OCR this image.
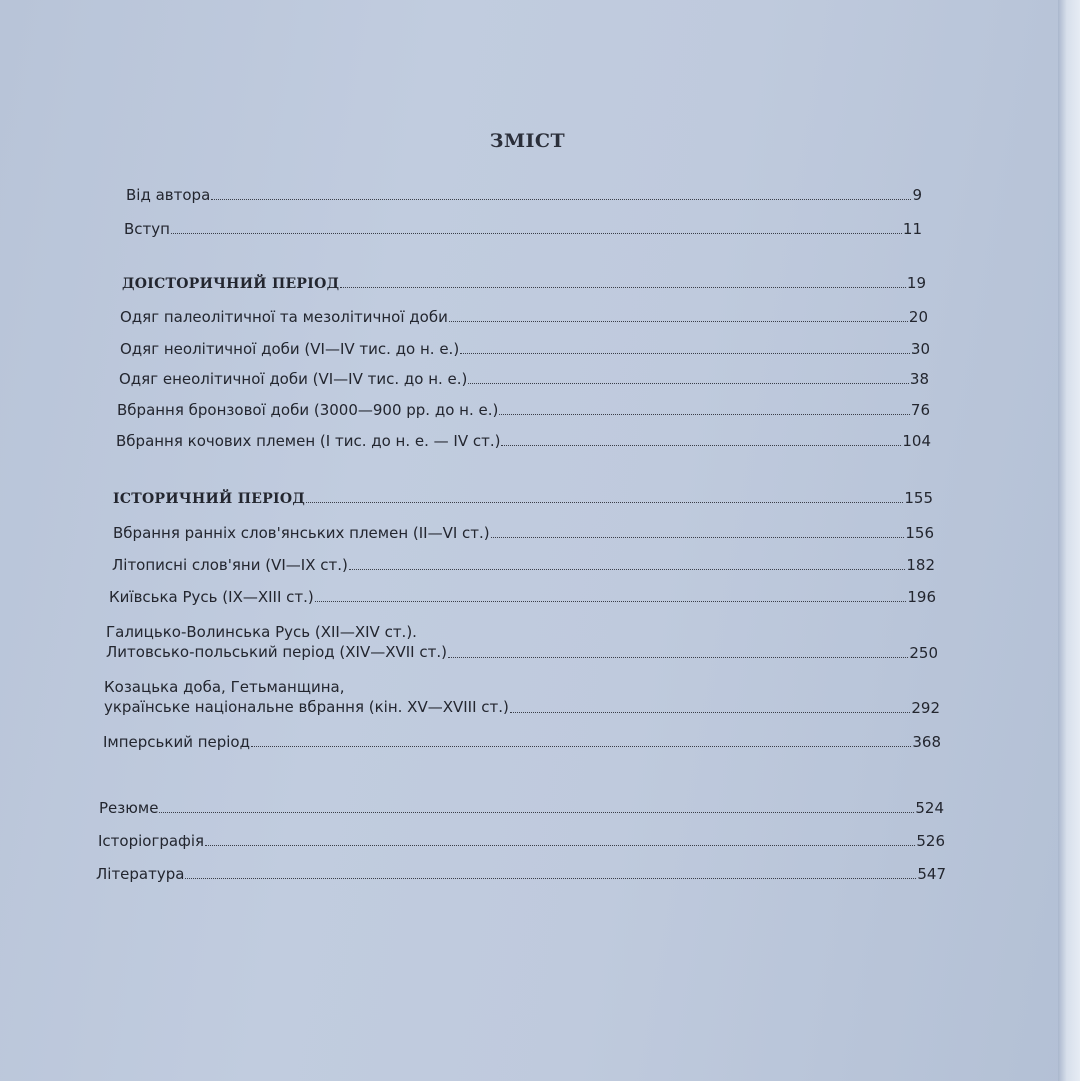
ЗМІСТ
Від автора	9
Вступ	11
ДОІСТОРИЧНИЙ ПЕРІОД	19
Одяг палеолітичної та мезолітичної доби	20
Одяг неолітичної доби (VI—IV тис. до н. е.)	30
Одяг енеолітичної доби (VI—IV тис. до н. е.)	38
Вбрання бронзової доби (3000—900 рр. до н. е.)	76
Вбрання кочових племен (I тис. до н. е. — IV ст.)	104
ІСТОРИЧНИЙ ПЕРІОД	155
Вбрання ранніх слов'янських племен (II—VI ст.)	156
Літописні слов'яни (VI—IX ст.)	182
Київська Русь (IX—XIII ст.)	196
Галицько-Волинська Русь (XII—XIV ст.).
Литовсько-польський період (XIV—XVII ст.)	250
Козацька доба, Гетьманщина,
українське національне вбрання (кін. XV—XVIII ст.)	292
Імперський період	368
Резюме	524
Історіографія	526
Література	547
